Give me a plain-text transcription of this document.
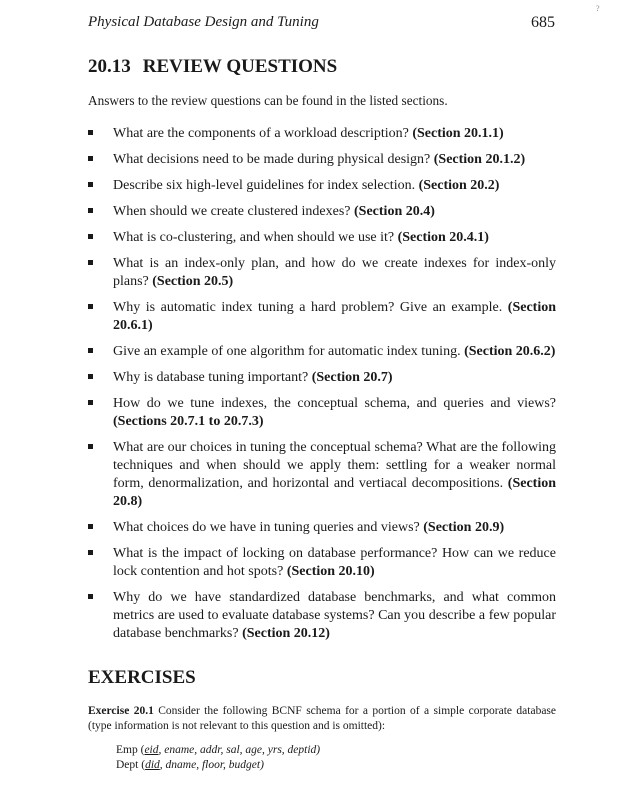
Physical Database Design and Tuning	685
?
20.13 REVIEW QUESTIONS

Answers to the review questions can be found in the listed sections.

What are the components of a workload description? (Section 20.1.1)
What decisions need to be made during physical design? (Section 20.1.2)
Describe six high-level guidelines for index selection. (Section 20.2)
When should we create clustered indexes? (Section 20.4)
What is co-clustering, and when should we use it? (Section 20.4.1)
What is an index-only plan, and how do we create indexes for index-only plans? (Section 20.5)
Why is automatic index tuning a hard problem? Give an example. (Section 20.6.1)
Give an example of one algorithm for automatic index tuning. (Section 20.6.2)
Why is database tuning important? (Section 20.7)
How do we tune indexes, the conceptual schema, and queries and views? (Sections 20.7.1 to 20.7.3)
What are our choices in tuning the conceptual schema? What are the following techniques and when should we apply them: settling for a weaker normal form, denormalization, and horizontal and vertiacal decompositions. (Section 20.8)
What choices do we have in tuning queries and views? (Section 20.9)
What is the impact of locking on database performance? How can we reduce lock contention and hot spots? (Section 20.10)
Why do we have standardized database benchmarks, and what common metrics are used to evaluate database systems? Can you describe a few popular database benchmarks? (Section 20.12)
EXERCISES

Exercise 20.1 Consider the following BCNF schema for a portion of a simple corporate database (type information is not relevant to this question and is omitted):

Emp (eid, ename, addr, sal, age, yrs, deptid)
Dept (did, dname, floor, budget)
